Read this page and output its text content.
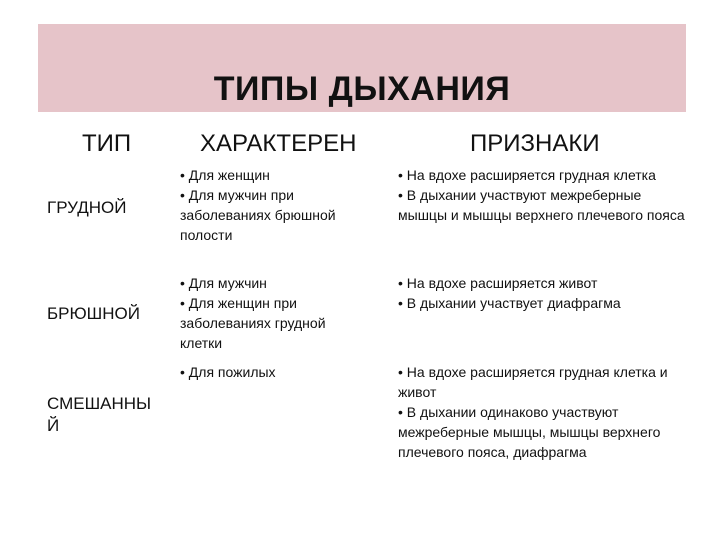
ТИПЫ ДЫХАНИЯ
ТИП	ХАРАКТЕРЕН	ПРИЗНАКИ
ГРУДНОЙ
• Для женщин
• Для мужчин при заболеваниях брюшной полости
• На вдохе расширяется грудная клетка
• В дыхании участвуют межреберные мышцы и мышцы верхнего плечевого пояса
БРЮШНОЙ
• Для мужчин
• Для женщин при заболеваниях грудной клетки
• На вдохе расширяется живот
• В дыхании участвует диафрагма
СМЕШАННЫЙ
• Для пожилых
•	На вдохе расширяется грудная клетка и живот
• В дыхании одинаково участвуют межреберные мышцы, мышцы верхнего плечевого пояса, диафрагма
